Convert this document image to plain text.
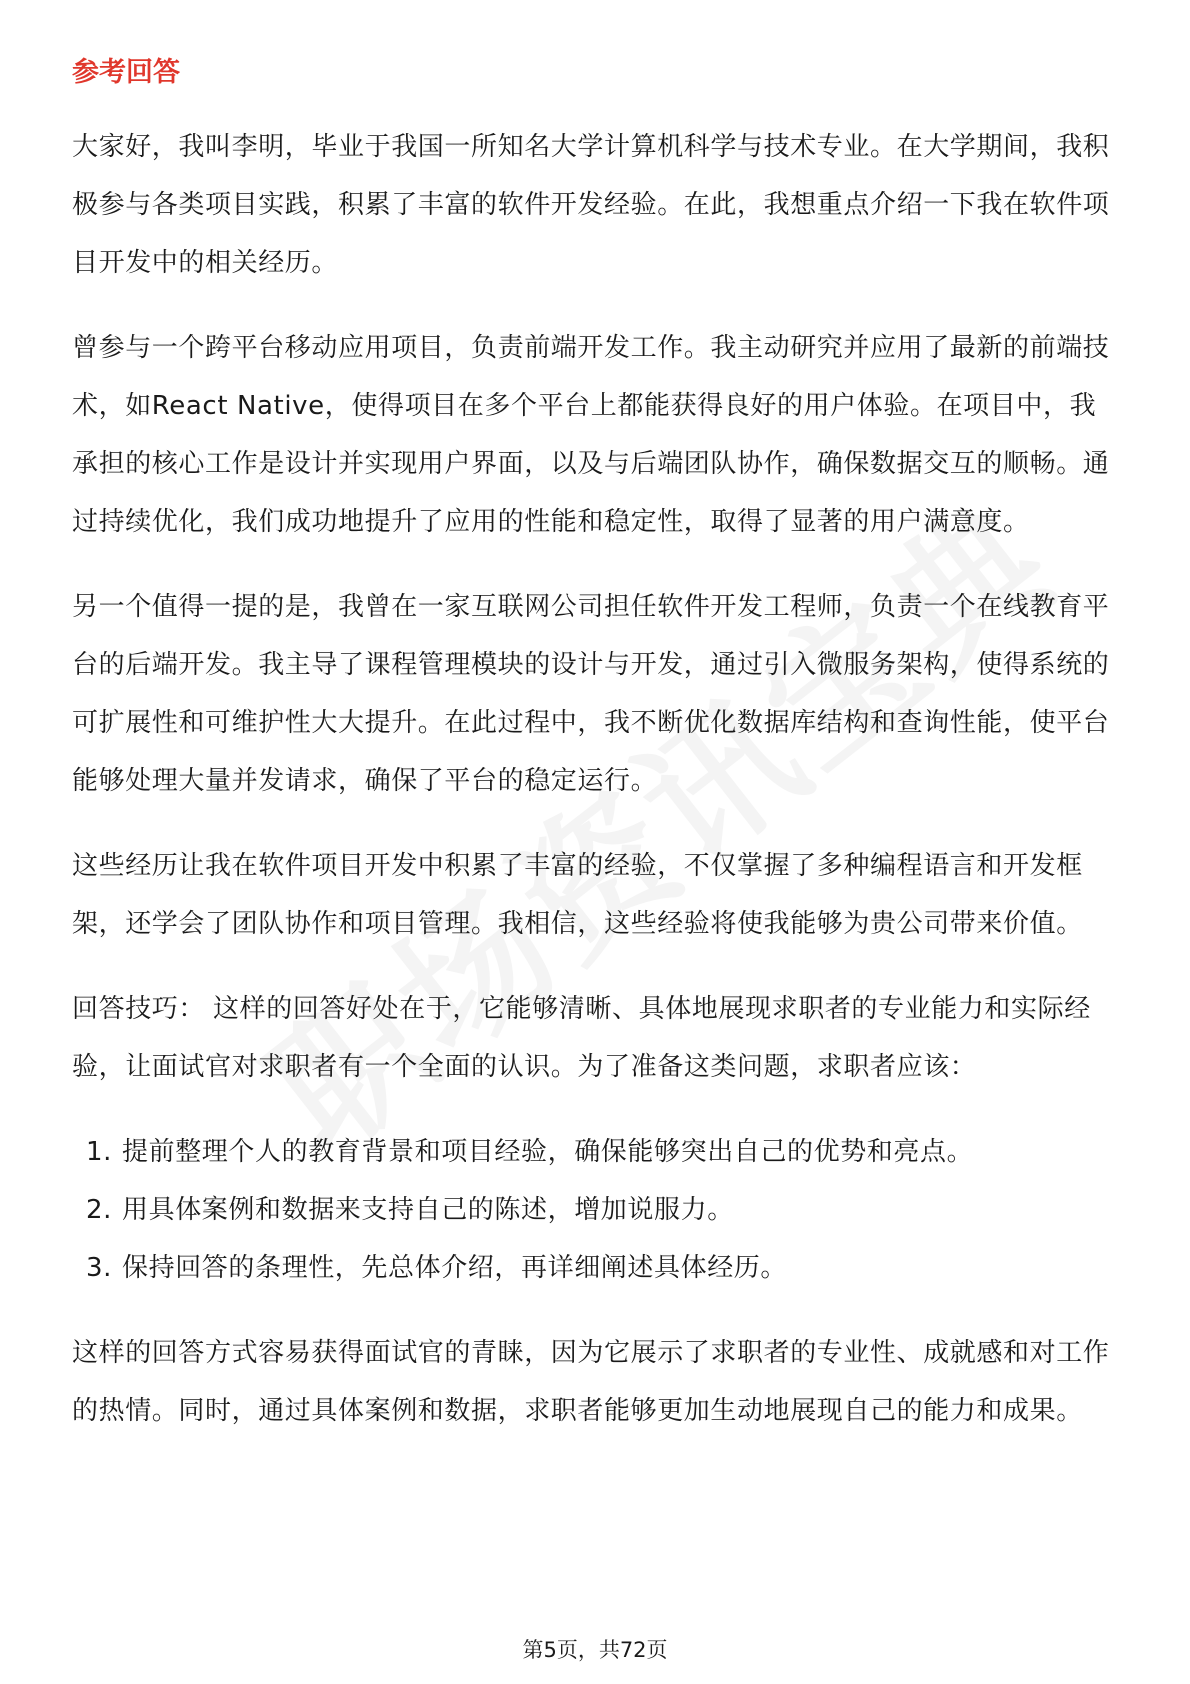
参考回答

大家好，我叫李明，毕业于我国一所知名大学计算机科学与技术专业。在大学期间，我积极参与各类项目实践，积累了丰富的软件开发经验。在此，我想重点介绍一下我在软件项目开发中的相关经历。

曾参与一个跨平台移动应用项目，负责前端开发工作。我主动研究并应用了最新的前端技术，如React Native，使得项目在多个平台上都能获得良好的用户体验。在项目中，我承担的核心工作是设计并实现用户界面，以及与后端团队协作，确保数据交互的顺畅。通过持续优化，我们成功地提升了应用的性能和稳定性，取得了显著的用户满意度。

另一个值得一提的是，我曾在一家互联网公司担任软件开发工程师，负责一个在线教育平台的后端开发。我主导了课程管理模块的设计与开发，通过引入微服务架构，使得系统的可扩展性和可维护性大大提升。在此过程中，我不断优化数据库结构和查询性能，使平台能够处理大量并发请求，确保了平台的稳定运行。

这些经历让我在软件项目开发中积累了丰富的经验，不仅掌握了多种编程语言和开发框架，还学会了团队协作和项目管理。我相信，这些经验将使我能够为贵公司带来价值。

回答技巧： 这样的回答好处在于，它能够清晰、具体地展现求职者的专业能力和实际经验，让面试官对求职者有一个全面的认识。为了准备这类问题，求职者应该：

1. 提前整理个人的教育背景和项目经验，确保能够突出自己的优势和亮点。
2. 用具体案例和数据来支持自己的陈述，增加说服力。
3. 保持回答的条理性，先总体介绍，再详细阐述具体经历。

这样的回答方式容易获得面试官的青睐，因为它展示了求职者的专业性、成就感和对工作的热情。同时，通过具体案例和数据，求职者能够更加生动地展现自己的能力和成果。

第5页，共72页
